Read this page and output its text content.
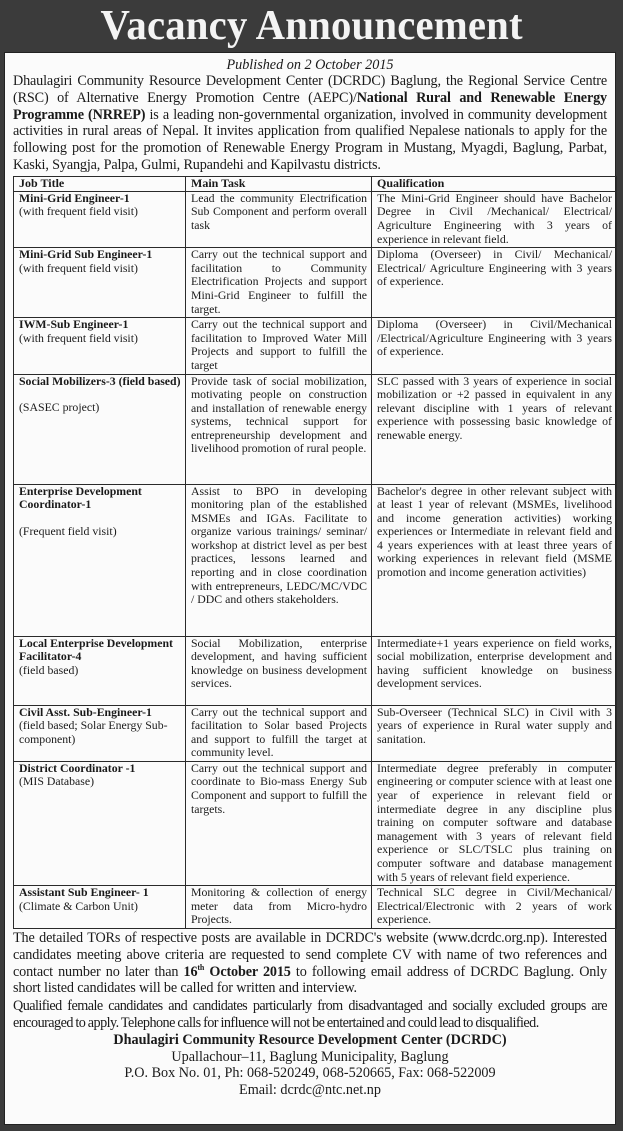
Vacancy Announcement

Published on 2 October 2015

Dhaulagiri Community Resource Development Center (DCRDC) Baglung, the Regional Service Centre (RSC) of Alternative Energy Promotion Centre (AEPC)/National Rural and Renewable Energy Programme (NRREP) is a leading non-governmental organization, involved in community development activities in rural areas of Nepal. It invites application from qualified Nepalese nationals to apply for the following post for the promotion of Renewable Energy Program in Mustang, Myagdi, Baglung, Parbat, Kaski, Syangja, Palpa, Gulmi, Rupandehi and Kapilvastu districts.

Job Title	Main Task	Qualification

Mini-Grid Engineer-1
(with frequent field visit)	Lead the community Electrification Sub Component and perform overall task	The Mini-Grid Engineer should have Bachelor Degree in Civil /Mechanical/ Electrical/ Agriculture Engineering with 3 years of experience in relevant field.

Mini-Grid Sub Engineer-1
(with frequent field visit)	Carry out the technical support and facilitation to Community Electrification Projects and support Mini-Grid Engineer to fulfill the target.	Diploma (Overseer) in Civil/ Mechanical/ Electrical/ Agriculture Engineering with 3 years of experience.

IWM-Sub Engineer-1
(with frequent field visit)	Carry out the technical support and facilitation to Improved Water Mill Projects and support to fulfill the target	Diploma (Overseer) in Civil/Mechanical /Electrical/Agriculture Engineering with 3 years of experience.

Social Mobilizers-3 (field based)
(SASEC project)
	Provide task of social mobilization, motivating people on construction and installation of renewable energy systems, technical support for entrepreneurship development and livelihood promotion of rural people.	SLC passed with 3 years of experience in social mobilization or +2 passed in equivalent in any relevant discipline with 1 years of relevant experience with possessing basic knowledge of renewable energy.

Enterprise Development Coordinator-1
(Frequent field visit)
	Assist to BPO in developing monitoring plan of the established MSMEs and IGAs. Facilitate to organize various trainings/ seminar/ workshop at district level as per best practices, lessons learned and reporting and in close coordination with entrepreneurs, LEDC/MC/VDC / DDC and others stakeholders.	Bachelor's degree in other relevant subject with at least 1 year of relevant (MSMEs, livelihood and income generation activities) working experiences or Intermediate in relevant field and 4 years experiences with at least three years of working experiences in relevant field (MSME promotion and income generation activities)

Local Enterprise Development Facilitator-4
(field based)	Social Mobilization, enterprise development, and having sufficient knowledge on business development services.	Intermediate+1 years experience on field works, social mobilization, enterprise development and having sufficient knowledge on business development services.

Civil Asst. Sub-Engineer-1
(field based; Solar Energy Sub-component)	Carry out the technical support and facilitation to Solar based Projects and support to fulfill the target at community level.	Sub-Overseer (Technical SLC) in Civil with 3 years of experience in Rural water supply and sanitation.

District Coordinator -1
(MIS Database)	Carry out the technical support and coordinate to Bio-mass Energy Sub Component and support to fulfill the targets.	Intermediate degree preferably in computer engineering or computer science with at least one year of experience in relevant field or intermediate degree in any discipline plus training on computer software and database management with 3 years of relevant field experience or SLC/TSLC plus training on computer software and database management with 5 years of relevant field experience.

Assistant Sub Engineer- 1
(Climate & Carbon Unit)	Monitoring & collection of energy meter data from Micro-hydro Projects.	Technical SLC degree in Civil/Mechanical/ Electrical/Electronic with 2 years of work experience.

The detailed TORs of respective posts are available in DCRDC's website (www.dcrdc.org.np). Interested candidates meeting above criteria are requested to send complete CV with name of two references and contact number no later than 16th October 2015 to following email address of DCRDC Baglung. Only short listed candidates will be called for written and interview.

Qualified female candidates and candidates particularly from disadvantaged and socially excluded groups are encouraged to apply. Telephone calls for influence will not be entertained and could lead to disqualified.

Dhaulagiri Community Resource Development Center (DCRDC)

Upallachour–11, Baglung Municipality, Baglung

P.O. Box No. 01, Ph: 068-520249, 068-520665, Fax: 068-522009

Email: dcrdc@ntc.net.np
